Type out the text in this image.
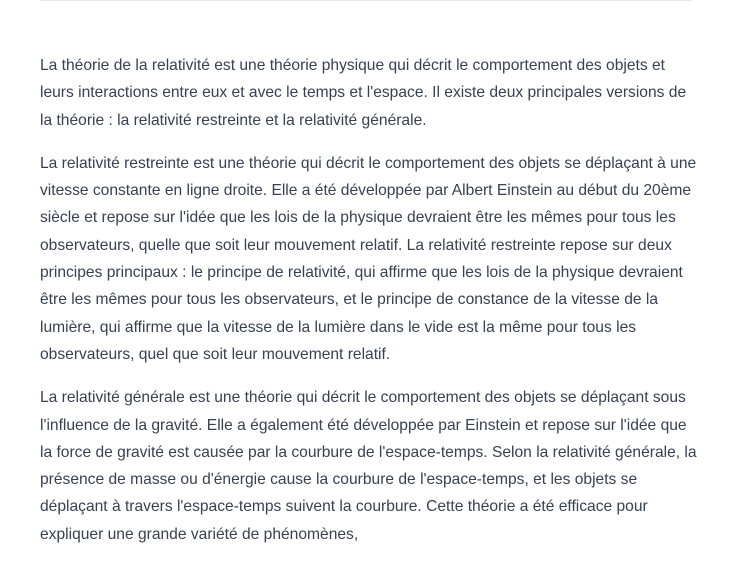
La théorie de la relativité est une théorie physique qui décrit le comportement des objets et leurs interactions entre eux et avec le temps et l'espace. Il existe deux principales versions de la théorie : la relativité restreinte et la relativité générale.

La relativité restreinte est une théorie qui décrit le comportement des objets se déplaçant à une vitesse constante en ligne droite. Elle a été développée par Albert Einstein au début du 20ème siècle et repose sur l'idée que les lois de la physique devraient être les mêmes pour tous les observateurs, quelle que soit leur mouvement relatif. La relativité restreinte repose sur deux principes principaux : le principe de relativité, qui affirme que les lois de la physique devraient être les mêmes pour tous les observateurs, et le principe de constance de la vitesse de la lumière, qui affirme que la vitesse de la lumière dans le vide est la même pour tous les observateurs, quel que soit leur mouvement relatif.

La relativité générale est une théorie qui décrit le comportement des objets se déplaçant sous l'influence de la gravité. Elle a également été développée par Einstein et repose sur l'idée que la force de gravité est causée par la courbure de l'espace-temps. Selon la relativité générale, la présence de masse ou d'énergie cause la courbure de l'espace-temps, et les objets se déplaçant à travers l'espace-temps suivent la courbure. Cette théorie a été efficace pour expliquer une grande variété de phénomènes,
